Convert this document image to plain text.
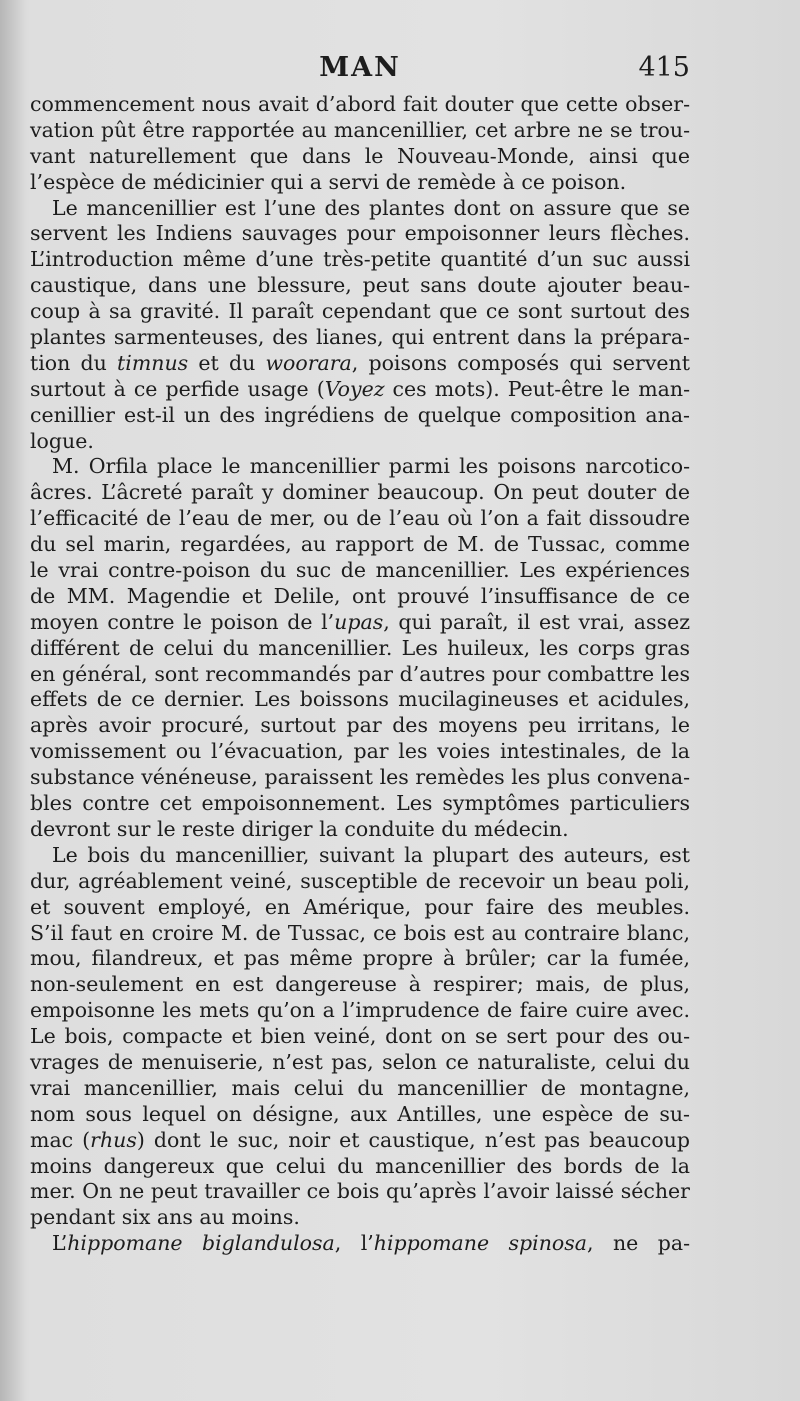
MAN	415
commencement nous avait d’abord fait douter que cette obser-
vation pût être rapportée au mancenillier, cet arbre ne se trou-
vant naturellement que dans le Nouveau-Monde, ainsi que
l’espèce de médicinier qui a servi de remède à ce poison.
Le mancenillier est l’une des plantes dont on assure que se
servent les Indiens sauvages pour empoisonner leurs flèches.
L’introduction même d’une très-petite quantité d’un suc aussi
caustique, dans une blessure, peut sans doute ajouter beau-
coup à sa gravité. Il paraît cependant que ce sont surtout des
plantes sarmenteuses, des lianes, qui entrent dans la prépara-
tion du timnus et du woorara, poisons composés qui servent
surtout à ce perfide usage (Voyez ces mots). Peut-être le man-
cenillier est-il un des ingrédiens de quelque composition ana-
logue.
M. Orfila place le mancenillier parmi les poisons narcotico-
âcres. L’âcreté paraît y dominer beaucoup. On peut douter de
l’efficacité de l’eau de mer, ou de l’eau où l’on a fait dissoudre
du sel marin, regardées, au rapport de M. de Tussac, comme
le vrai contre-poison du suc de mancenillier. Les expériences
de MM. Magendie et Delile, ont prouvé l’insuffisance de ce
moyen contre le poison de l’upas, qui paraît, il est vrai, assez
différent de celui du mancenillier. Les huileux, les corps gras
en général, sont recommandés par d’autres pour combattre les
effets de ce dernier. Les boissons mucilagineuses et acidules,
après avoir procuré, surtout par des moyens peu irritans, le
vomissement ou l’évacuation, par les voies intestinales, de la
substance vénéneuse, paraissent les remèdes les plus convena-
bles contre cet empoisonnement. Les symptômes particuliers
devront sur le reste diriger la conduite du médecin.
Le bois du mancenillier, suivant la plupart des auteurs, est
dur, agréablement veiné, susceptible de recevoir un beau poli,
et souvent employé, en Amérique, pour faire des meubles.
S’il faut en croire M. de Tussac, ce bois est au contraire blanc,
mou, filandreux, et pas même propre à brûler; car la fumée,
non-seulement en est dangereuse à respirer; mais, de plus,
empoisonne les mets qu’on a l’imprudence de faire cuire avec.
Le bois, compacte et bien veiné, dont on se sert pour des ou-
vrages de menuiserie, n’est pas, selon ce naturaliste, celui du
vrai mancenillier, mais celui du mancenillier de montagne,
nom sous lequel on désigne, aux Antilles, une espèce de su-
mac (rhus) dont le suc, noir et caustique, n’est pas beaucoup
moins dangereux que celui du mancenillier des bords de la
mer. On ne peut travailler ce bois qu’après l’avoir laissé sécher
pendant six ans au moins.
L’hippomane biglandulosa, l’hippomane spinosa, ne pa-
